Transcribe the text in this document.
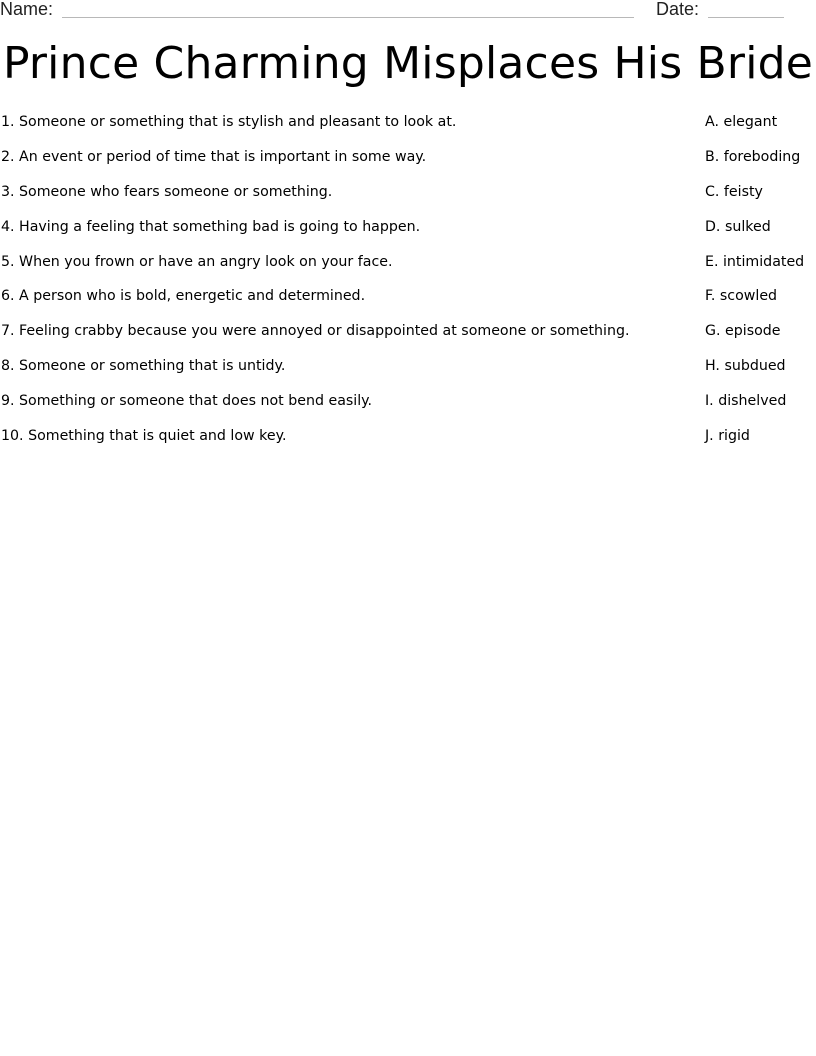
Name:	Date:
Prince Charming Misplaces His Bride
1. Someone or something that is stylish and pleasant to look at.	A. elegant
2. An event or period of time that is important in some way.	B. foreboding
3. Someone who fears someone or something.	C. feisty
4. Having a feeling that something bad is going to happen.	D. sulked
5. When you frown or have an angry look on your face.	E. intimidated
6. A person who is bold, energetic and determined.	F. scowled
7. Feeling crabby because you were annoyed or disappointed at someone or something.	G. episode
8. Someone or something that is untidy.	H. subdued
9. Something or someone that does not bend easily.	I. dishelved
10. Something that is quiet and low key.	J. rigid
